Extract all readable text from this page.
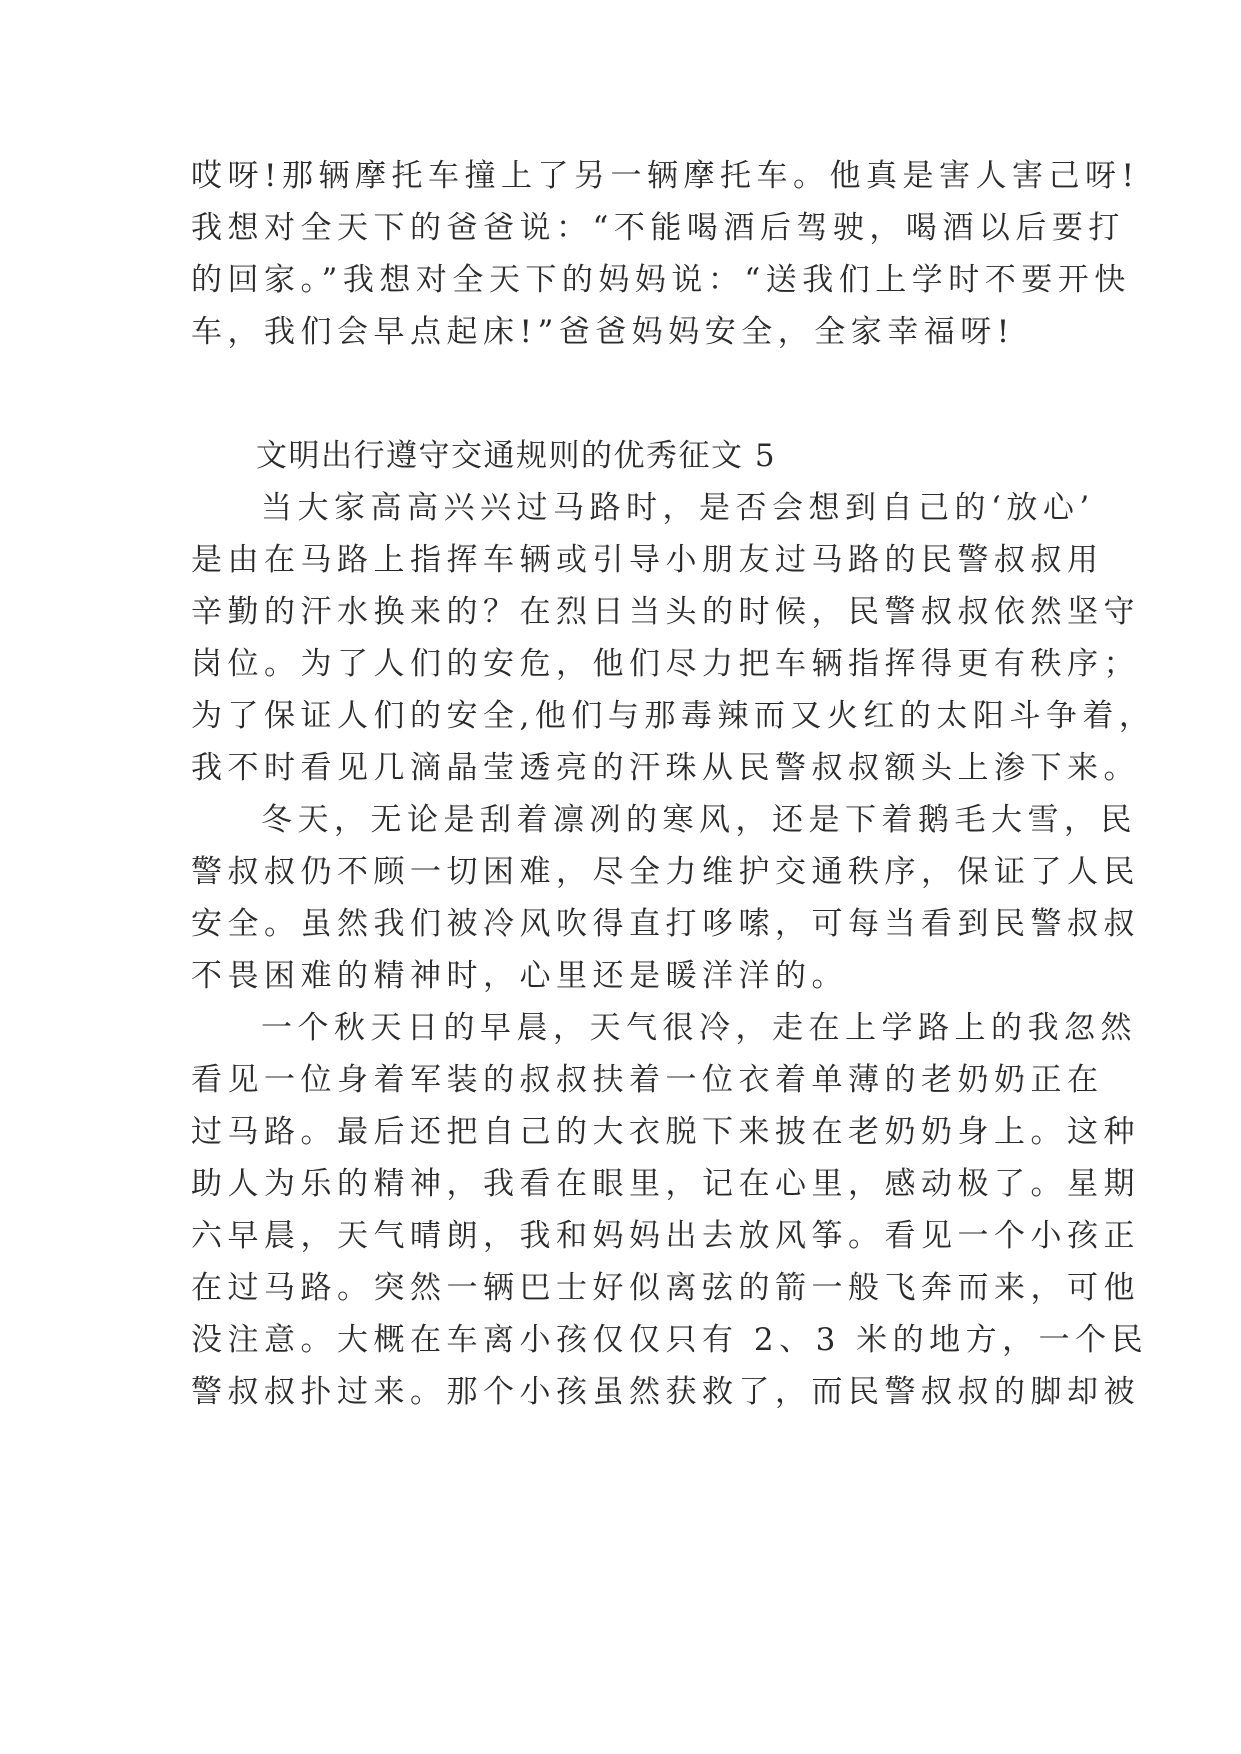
哎呀!那辆摩托车撞上了另一辆摩托车。他真是害人害己呀!
我想对全天下的爸爸说：“不能喝酒后驾驶，喝酒以后要打
的回家。”我想对全天下的妈妈说：“送我们上学时不要开快
车，我们会早点起床!”爸爸妈妈安全，全家幸福呀!
文明出行遵守交通规则的优秀征文 5
当大家高高兴兴过马路时，是否会想到自己的‘放心’
是由在马路上指挥车辆或引导小朋友过马路的民警叔叔用
辛勤的汗水换来的？在烈日当头的时候，民警叔叔依然坚守
岗位。为了人们的安危，他们尽力把车辆指挥得更有秩序；
为了保证人们的安全,他们与那毒辣而又火红的太阳斗争着，
我不时看见几滴晶莹透亮的汗珠从民警叔叔额头上渗下来。
冬天，无论是刮着凛冽的寒风，还是下着鹅毛大雪，民
警叔叔仍不顾一切困难，尽全力维护交通秩序，保证了人民
安全。虽然我们被冷风吹得直打哆嗦，可每当看到民警叔叔
不畏困难的精神时，心里还是暖洋洋的。
一个秋天日的早晨，天气很冷，走在上学路上的我忽然
看见一位身着军装的叔叔扶着一位衣着单薄的老奶奶正在
过马路。最后还把自己的大衣脱下来披在老奶奶身上。这种
助人为乐的精神，我看在眼里，记在心里，感动极了。星期
六早晨，天气晴朗，我和妈妈出去放风筝。看见一个小孩正
在过马路。突然一辆巴士好似离弦的箭一般飞奔而来，可他
没注意。大概在车离小孩仅仅只有 2、3 米的地方，一个民
警叔叔扑过来。那个小孩虽然获救了，而民警叔叔的脚却被
